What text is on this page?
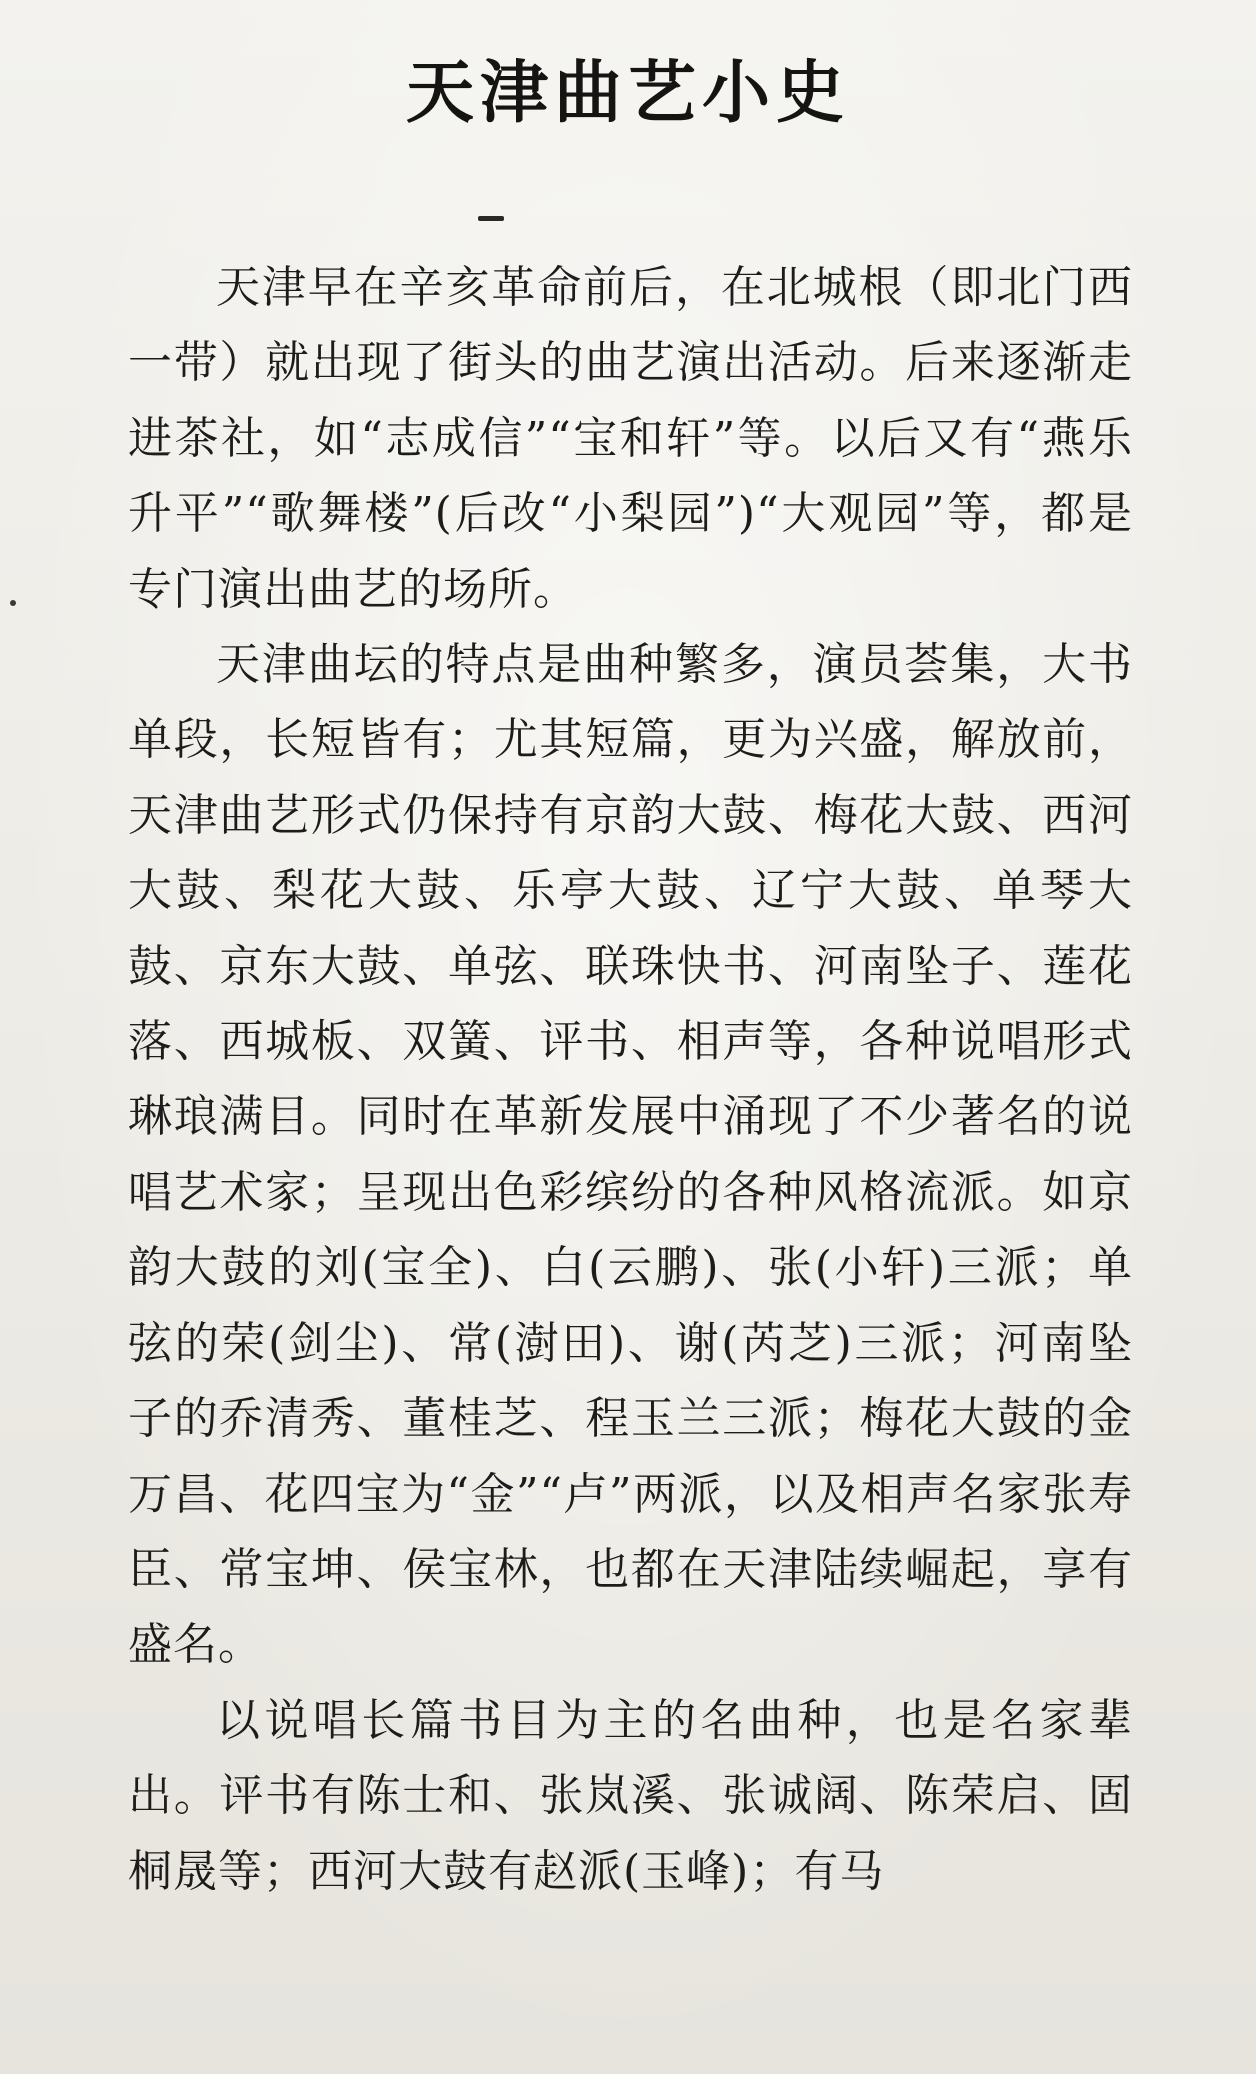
天津曲艺小史

天津早在辛亥革命前后，在北城根（即北门西一带）就出现了街头的曲艺演出活动。后来逐渐走进茶社，如“志成信”“宝和轩”等。以后又有“燕乐升平”“歌舞楼”(后改“小梨园”)“大观园”等，都是专门演出曲艺的场所。

天津曲坛的特点是曲种繁多，演员荟集，大书单段，长短皆有；尤其短篇，更为兴盛，解放前，天津曲艺形式仍保持有京韵大鼓、梅花大鼓、西河大鼓、梨花大鼓、乐亭大鼓、辽宁大鼓、单琴大鼓、京东大鼓、单弦、联珠快书、河南坠子、莲花落、西城板、双簧、评书、相声等，各种说唱形式琳琅满目。同时在革新发展中涌现了不少著名的说唱艺术家；呈现出色彩缤纷的各种风格流派。如京韵大鼓的刘(宝全)、白(云鹏)、张(小轩)三派；单弦的荣(剑尘)、常(澍田)、谢(芮芝)三派；河南坠子的乔清秀、董桂芝、程玉兰三派；梅花大鼓的金万昌、花四宝为“金”“卢”两派，以及相声名家张寿臣、常宝坤、侯宝林，也都在天津陆续崛起，享有盛名。

以说唱长篇书目为主的名曲种，也是名家辈出。评书有陈士和、张岚溪、张诚阔、陈荣启、固桐晟等；西河大鼓有赵派(玉峰)；有马
